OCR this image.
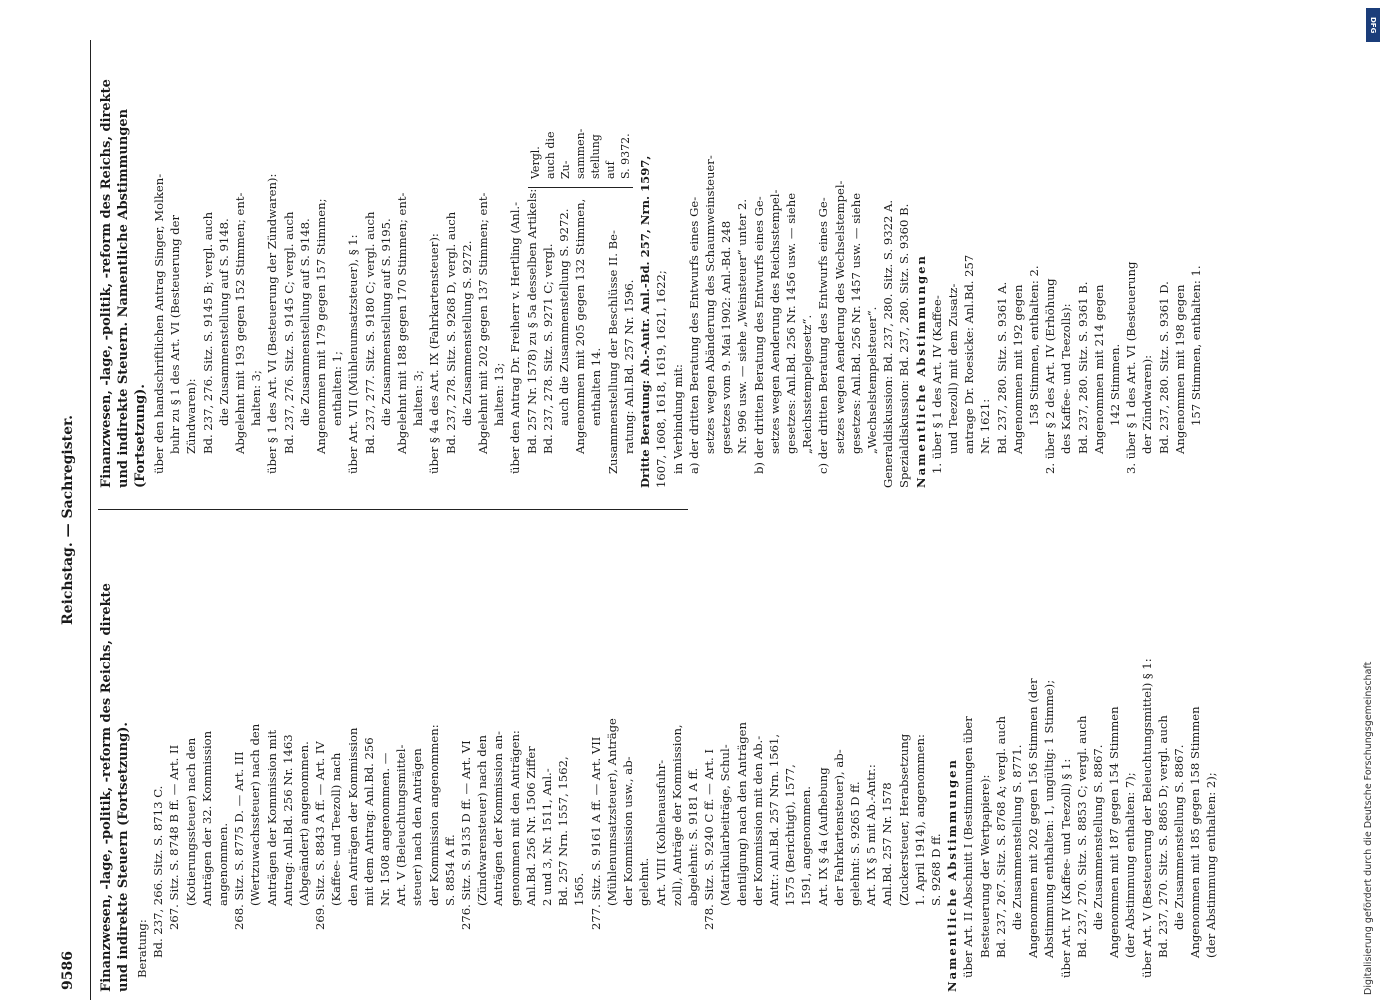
9586
Reichstag. — Sachregister.
Finanzwesen, -lage, -politik, -reform des Reichs, direkte und indirekte Steuern (Fortsetzung). Beratung: Bd. 237, 266. Sitz. S. 8713 C. 267. Sitz. S. 8748 B ff. — Art. II (Kotierungssteuer) nach den Anträgen der 32. Kommission angenommen. 268. Sitz. S. 8775 D. — Art. III (Wertzuwachssteuer) nach den Anträgen der Kommission mit Antrag: Anl.Bd. 256 Nr. 1463 (Abgeändert) angenommen. 269. Sitz. S. 8843 A ff. — Art. IV (Kaffee- und Teezoll) nach den Anträgen der Kommission mit dem Antrag: Anl.Bd. 256 Nr. 1508 angenommen. — Art. V (Beleuchtungsmittel- steuer) nach den Anträgen der Kommission angenommen: S. 8854 A ff. 276. Sitz. S. 9135 D ff. — Art. VI (Zündwarensteuer) nach den Anträgen der Kommission an- genommen mit den Anträgen: Anl.Bd. 256 Nr. 1506 Ziffer 2 und 3, Nr. 1511, Anl.- Bd. 257 Nrn. 1557, 1562, 1565. 277. Sitz. S. 9161 A ff. — Art. VII (Mühlenumsatzsteuer), Anträge der Kommission usw., ab- gelehnt. Art. VIII (Kohlenausfuhr- zoll), Anträge der Kommission, abgelehnt: S. 9181 A ff. 278. Sitz. S. 9240 C ff. — Art. I (Matrikularbeiträge, Schul- dentilgung) nach den Anträgen der Kommission mit den Ab.- Antr.: Anl.Bd. 257 Nrn. 1561, 1575 (Berichtigt), 1577, 1591, angenommen. Art. IX § 4a (Aufhebung der Fahrkartensteuer), ab- gelehnt: S. 9265 D ff. Art. IX § 5 mit Ab.-Antr.: Anl.Bd. 257 Nr. 1578 (Zuckersteuer, Herabsetzung 1. April 1914), angenommen: S. 9268 D ff. Namentliche Abstimmungen über Art. II Abschnitt I (Bestimmungen über Besteuerung der Wertpapiere): Bd. 237, 267. Sitz. S. 8768 A; vergl. auch die Zusammenstellung S. 8771. Angenommen mit 202 gegen 156 Stimmen (der Abstimmung enthalten: 1, ungültig: 1 Stimme); über Art. IV (Kaffee- und Teezoll) § 1: Bd. 237, 270. Sitz. S. 8853 C; vergl. auch die Zusammenstellung S. 8867. Angenommen mit 187 gegen 154 Stimmen (der Abstimmung enthalten: 7); über Art. V (Besteuerung der Beleuchtungsmittel) § 1: Bd. 237, 270. Sitz. S. 8865 D; vergl. auch die Zusammenstellung S. 8867. Angenommen mit 185 gegen 158 Stimmen (der Abstimmung enthalten: 2);
Finanzwesen, -lage, -politik, -reform des Reichs, direkte und indirekte Steuern. Namentliche Abstimmungen (Fortsetzung). über den handschriftlichen Antrag Singer, Molken- buhr zu § 1 des Art. VI (Besteuerung der Zündwaren): Bd. 237, 276. Sitz. S. 9145 B; vergl. auch die Zusammenstellung auf S. 9148. Abgelehnt mit 193 gegen 152 Stimmen; ent- halten: 3; über § 1 des Art. VI (Besteuerung der Zündwaren): Bd. 237, 276. Sitz. S. 9145 C; vergl. auch die Zusammenstellung auf S. 9148. Angenommen mit 179 gegen 157 Stimmen; enthalten: 1; über Art. VII (Mühlenumsatzsteuer), § 1: Bd. 237, 277. Sitz. S. 9180 C; vergl. auch die Zusammenstellung auf S. 9195. Abgelehnt mit 188 gegen 170 Stimmen; ent- halten: 3; über § 4a des Art. IX (Fahrkartensteuer): Bd. 237, 278. Sitz. S. 9268 D, vergl. auch die Zusammenstellung S. 9272. Abgelehnt mit 202 gegen 137 Stimmen; ent- halten: 13; über den Antrag Dr. Freiherr v. Hertling (Anl.- Bd. 257 Nr. 1578) zu § 5a desselben Artikels: Bd. 237, 278. Sitz. S. 9271 C; vergl. auch die Zusammenstellung S. 9272. Angenommen mit 205 gegen 132 Stimmen, enthalten 14. Zusammenstellung der Beschlüsse II. Be- ratung: Anl.Bd. 257 Nr. 1596. Dritte Beratung: Ab.-Antr. Anl.-Bd. 257, Nrn. 1597, 1607, 1608, 1618, 1619, 1621, 1622; in Verbindung mit: a) der dritten Beratung des Entwurfs eines Ge- setzes wegen Abänderung des Schaumweinsteuer- gesetzes vom 9. Mai 1902: Anl.-Bd. 248 Nr. 996 usw. — siehe „Weinsteuer“ unter 2. b) der dritten Beratung des Entwurfs eines Ge- setzes wegen Aenderung des Reichsstempel- gesetzes: Anl.Bd. 256 Nr. 1456 usw. — siehe „Reichsstempelgesetz“. c) der dritten Beratung des Entwurfs eines Ge- setzes wegen Aenderung des Wechselstempel- gesetzes: Anl.Bd. 256 Nr. 1457 usw. — siehe „Wechselstempelsteuer“. Generaldiskussion: Bd. 237, 280. Sitz. S. 9322 A. Spezialdiskussion: Bd. 237, 280. Sitz. S. 9360 B. Namentliche Abstimmungen 1. über § 1 des Art. IV (Kaffee- und Teezoll) mit dem Zusatz- antrage Dr. Roesicke: Anl.Bd. 257 Nr. 1621: Bd. 237, 280. Sitz. S. 9361 A. Angenommen mit 192 gegen 158 Stimmen, enthalten: 2. 2. über § 2 des Art. IV (Erhöhung des Kaffee- und Teezolls): Bd. 237, 280. Sitz. S. 9361 B. Angenommen mit 214 gegen 142 Stimmen. 3. über § 1 des Art. VI (Besteuerung der Zündwaren): Bd. 237, 280. Sitz. S. 9361 D. Angenommen mit 198 gegen 157 Stimmen, enthalten: 1.
Vergl. auch die Zu- sammen- stellung auf S. 9372.
DFG
Digitalisierung gefördert durch die Deutsche Forschungsgemeinschaft
